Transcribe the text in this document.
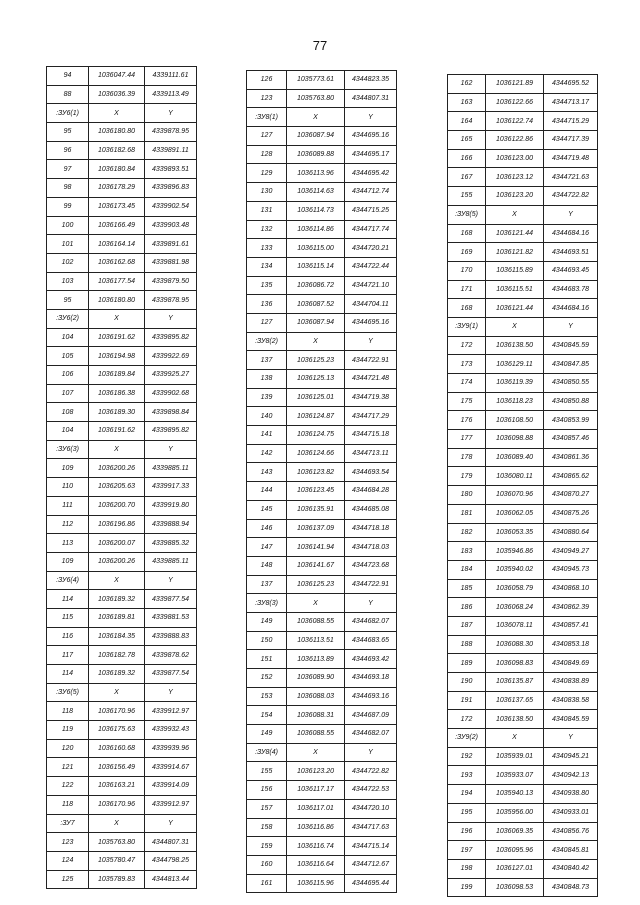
77
94	1036047.44	4339111.61
88	1036036.39	4339113.49
:ЗУ6(1)	X	Y
95	1036180.80	4339878.95
96	1036182.68	4339891.11
97	1036180.84	4339893.51
98	1036178.29	4339896.83
99	1036173.45	4339902.54
100	1036166.49	4339903.48
101	1036164.14	4339891.61
102	1036162.68	4339881.98
103	1036177.54	4339879.50
95	1036180.80	4339878.95
:ЗУ6(2)	X	Y
104	1036191.62	4339895.82
105	1036194.98	4339922.69
106	1036189.84	4339925.27
107	1036186.38	4339902.68
108	1036189.30	4339898.84
104	1036191.62	4339895.82
:ЗУ6(3)	X	Y
109	1036200.26	4339885.11
110	1036205.63	4339917.33
111	1036200.70	4339919.80
112	1036196.86	4339888.94
113	1036200.07	4339885.32
109	1036200.26	4339885.11
:ЗУ6(4)	X	Y
114	1036189.32	4339877.54
115	1036189.81	4339881.53
116	1036184.35	4339888.83
117	1036182.78	4339878.62
114	1036189.32	4339877.54
:ЗУ6(5)	X	Y
118	1036170.96	4339912.97
119	1036175.63	4339932.43
120	1036160.68	4339939.96
121	1036156.49	4339914.67
122	1036163.21	4339914.09
118	1036170.96	4339912.97
:ЗУ7	X	Y
123	1035763.80	4344807.31
124	1035780.47	4344798.25
125	1035789.83	4344813.44
126	1035773.61	4344823.35
123	1035763.80	4344807.31
:ЗУ8(1)	X	Y
127	1036087.94	4344695.16
128	1036089.88	4344695.17
129	1036113.96	4344695.42
130	1036114.63	4344712.74
131	1036114.73	4344715.25
132	1036114.86	4344717.74
133	1036115.00	4344720.21
134	1036115.14	4344722.44
135	1036086.72	4344721.10
136	1036087.52	4344704.11
127	1036087.94	4344695.16
:ЗУ8(2)	X	Y
137	1036125.23	4344722.91
138	1036125.13	4344721.48
139	1036125.01	4344719.38
140	1036124.87	4344717.29
141	1036124.75	4344715.18
142	1036124.66	4344713.11
143	1036123.82	4344693.54
144	1036123.45	4344684.28
145	1036135.91	4344685.08
146	1036137.09	4344718.18
147	1036141.94	4344718.03
148	1036141.67	4344723.68
137	1036125.23	4344722.91
:ЗУ8(3)	X	Y
149	1036088.55	4344682.07
150	1036113.51	4344683.65
151	1036113.89	4344693.42
152	1036089.90	4344693.18
153	1036088.03	4344693.16
154	1036088.31	4344687.09
149	1036088.55	4344682.07
:ЗУ8(4)	X	Y
155	1036123.20	4344722.82
156	1036117.17	4344722.53
157	1036117.01	4344720.10
158	1036116.86	4344717.63
159	1036116.74	4344715.14
160	1036116.64	4344712.67
161	1036115.96	4344695.44
162	1036121.89	4344695.52
163	1036122.66	4344713.17
164	1036122.74	4344715.29
165	1036122.86	4344717.39
166	1036123.00	4344719.48
167	1036123.12	4344721.63
155	1036123.20	4344722.82
:ЗУ8(5)	X	Y
168	1036121.44	4344684.16
169	1036121.82	4344693.51
170	1036115.89	4344693.45
171	1036115.51	4344683.78
168	1036121.44	4344684.16
:ЗУ9(1)	X	Y
172	1036138.50	4340845.59
173	1036129.11	4340847.85
174	1036119.39	4340850.55
175	1036118.23	4340850.88
176	1036108.50	4340853.99
177	1036098.88	4340857.46
178	1036089.40	4340861.36
179	1036080.11	4340865.62
180	1036070.96	4340870.27
181	1036062.05	4340875.26
182	1036053.35	4340880.64
183	1035946.86	4340949.27
184	1035940.02	4340945.73
185	1036058.79	4340868.10
186	1036068.24	4340862.39
187	1036078.11	4340857.41
188	1036088.30	4340853.18
189	1036098.83	4340849.69
190	1036135.87	4340838.89
191	1036137.65	4340838.58
172	1036138.50	4340845.59
:ЗУ9(2)	X	Y
192	1035939.01	4340945.21
193	1035933.07	4340942.13
194	1035940.13	4340938.80
195	1035956.00	4340933.01
196	1036069.35	4340856.76
197	1036095.96	4340845.81
198	1036127.01	4340840.42
199	1036098.53	4340848.73
